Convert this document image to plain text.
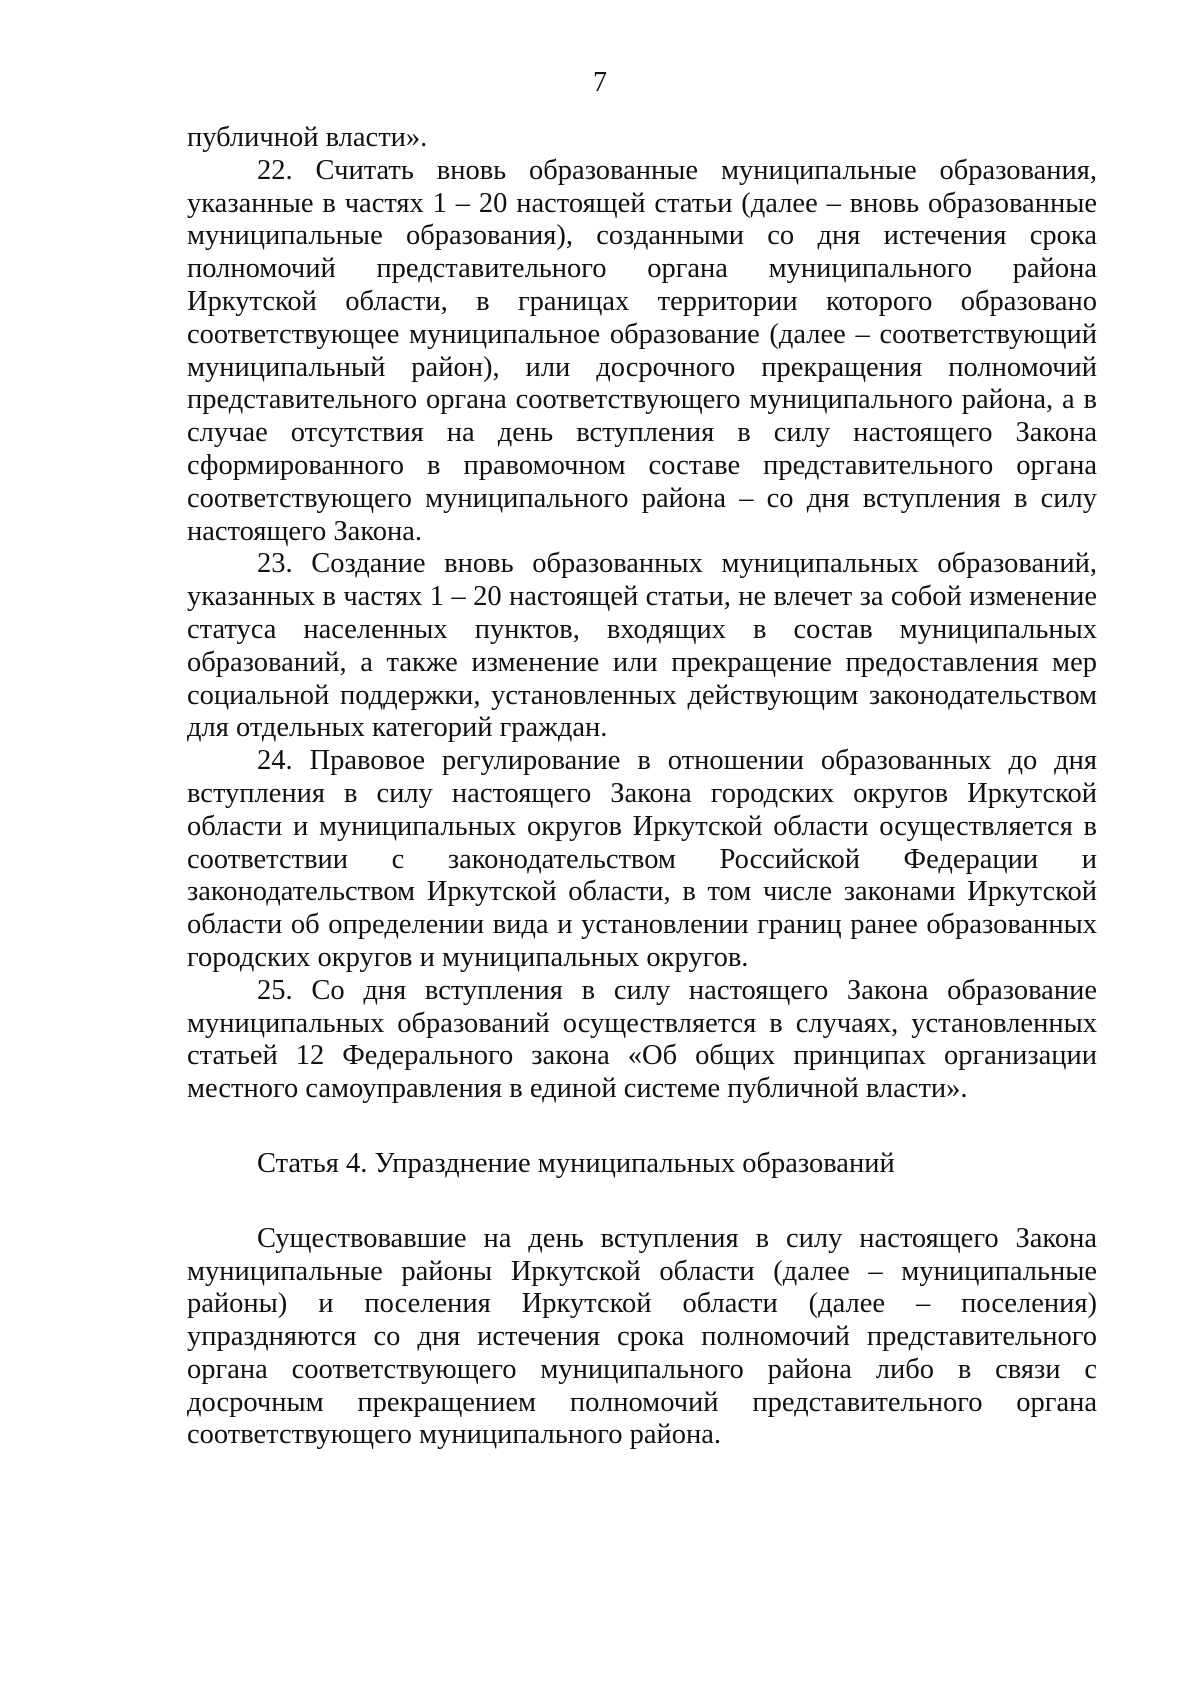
7

публичной власти».

22. Считать вновь образованные муниципальные образования, указанные в частях 1 – 20 настоящей статьи (далее – вновь образованные муниципальные образования), созданными со дня истечения срока полномочий представительного органа муниципального района Иркутской области, в границах территории которого образовано соответствующее муниципальное образование (далее – соответствующий муниципальный район), или досрочного прекращения полномочий представительного органа соответствующего муниципального района, а в случае отсутствия на день вступления в силу настоящего Закона сформированного в правомочном составе представительного органа соответствующего муниципального района – со дня вступления в силу настоящего Закона.

23. Создание вновь образованных муниципальных образований, указанных в частях 1 – 20 настоящей статьи, не влечет за собой изменение статуса населенных пунктов, входящих в состав муниципальных образований, а также изменение или прекращение предоставления мер социальной поддержки, установленных действующим законодательством для отдельных категорий граждан.

24. Правовое регулирование в отношении образованных до дня вступления в силу настоящего Закона городских округов Иркутской области и муниципальных округов Иркутской области осуществляется в соответствии с законодательством Российской Федерации и законодательством Иркутской области, в том числе законами Иркутской области об определении вида и установлении границ ранее образованных городских округов и муниципальных округов.

25. Со дня вступления в силу настоящего Закона образование муниципальных образований осуществляется в случаях, установленных статьей 12 Федерального закона «Об общих принципах организации местного самоуправления в единой системе публичной власти».

Статья 4. Упразднение муниципальных образований

Существовавшие на день вступления в силу настоящего Закона муниципальные районы Иркутской области (далее – муниципальные районы) и поселения Иркутской области (далее – поселения) упраздняются со дня истечения срока полномочий представительного органа соответствующего муниципального района либо в связи с досрочным прекращением полномочий представительного органа соответствующего муниципального района.
